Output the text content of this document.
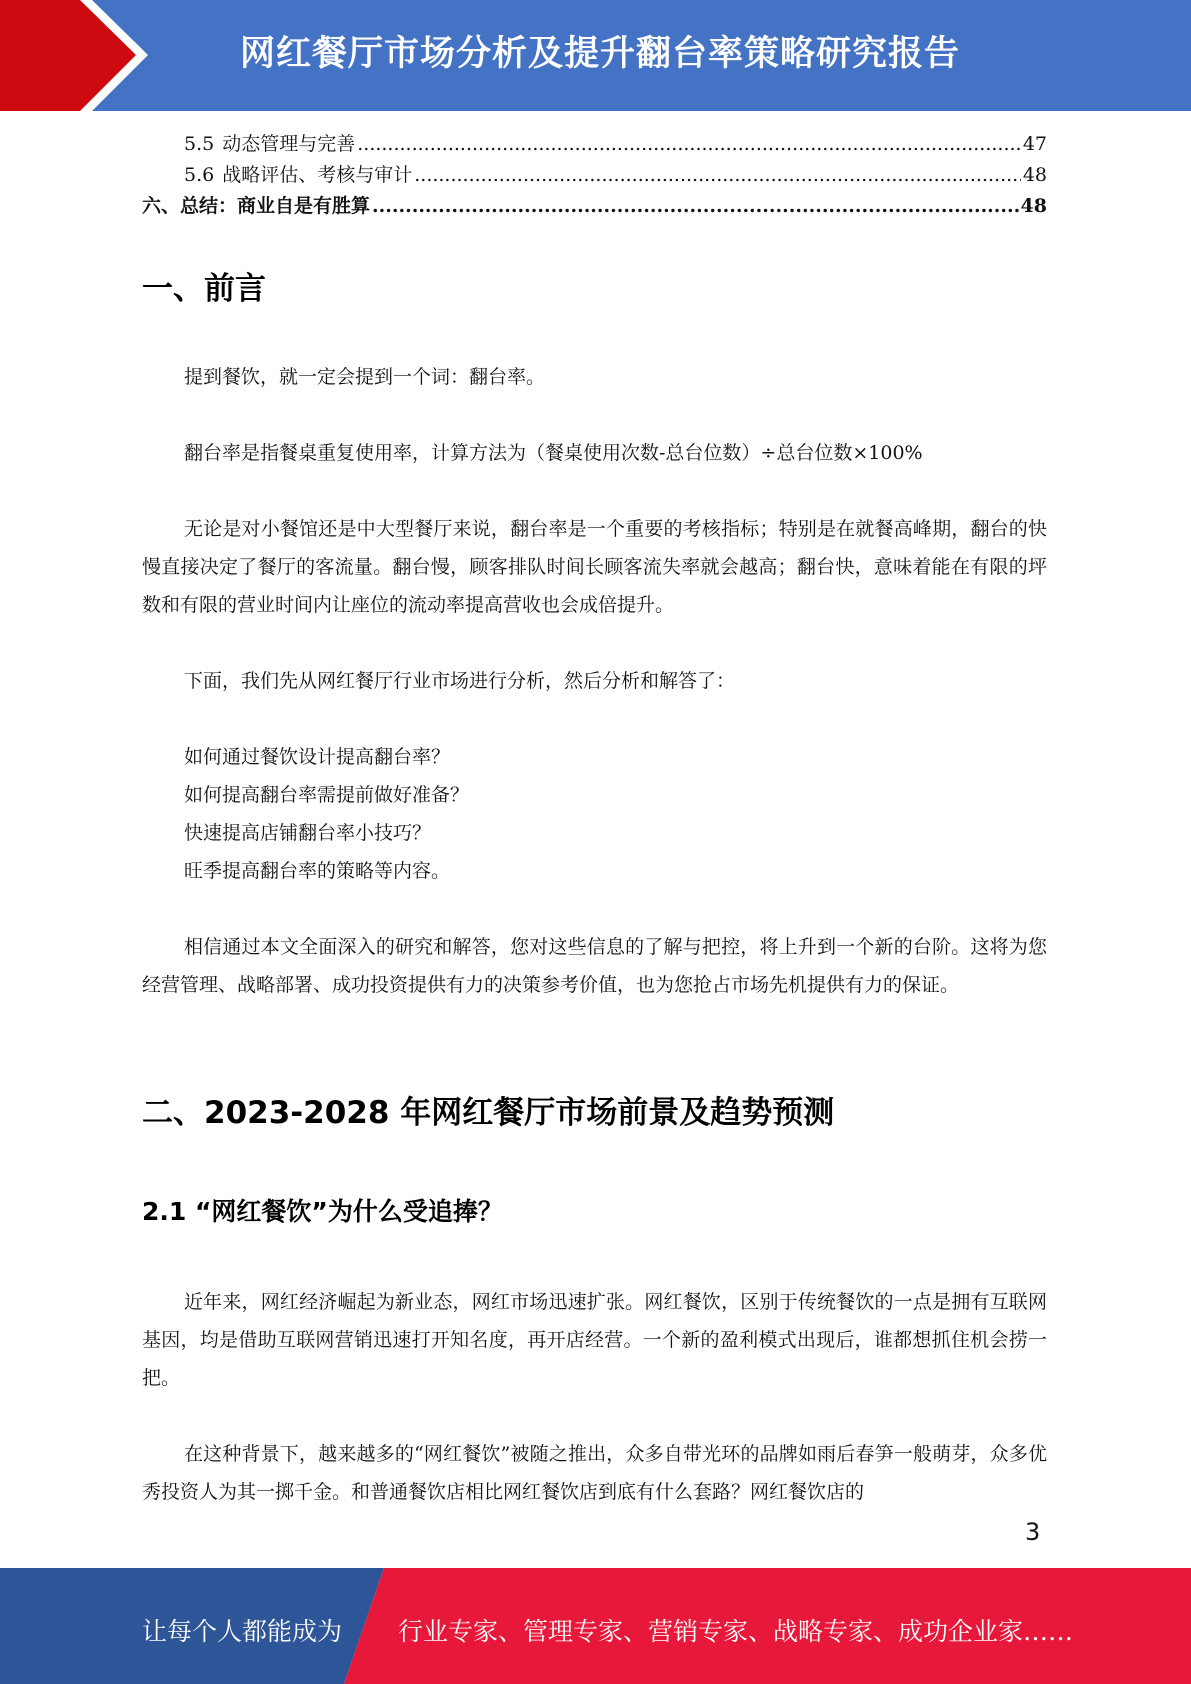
网红餐厅市场分析及提升翻台率策略研究报告
5.5 动态管理与完善 .....	47
5.6 战略评估、考核与审计 .....	48
六、总结：商业自是有胜算 .....	48
一、前言
提到餐饮，就一定会提到一个词：翻台率。
翻台率是指餐桌重复使用率，计算方法为（餐桌使用次数-总台位数）÷总台位数×100%
无论是对小餐馆还是中大型餐厅来说，翻台率是一个重要的考核指标；特别是在就餐高峰期，翻台的快慢直接决定了餐厅的客流量。翻台慢，顾客排队时间长顾客流失率就会越高；翻台快，意味着能在有限的坪数和有限的营业时间内让座位的流动率提高营收也会成倍提升。
下面，我们先从网红餐厅行业市场进行分析，然后分析和解答了：
如何通过餐饮设计提高翻台率？
如何提高翻台率需提前做好准备？
快速提高店铺翻台率小技巧？
旺季提高翻台率的策略等内容。
相信通过本文全面深入的研究和解答，您对这些信息的了解与把控，将上升到一个新的台阶。这将为您经营管理、战略部署、成功投资提供有力的决策参考价值，也为您抢占市场先机提供有力的保证。
二、2023-2028 年网红餐厅市场前景及趋势预测
2.1 “网红餐饮”为什么受追捧？
近年来，网红经济崛起为新业态，网红市场迅速扩张。网红餐饮，区别于传统餐饮的一点是拥有互联网基因，均是借助互联网营销迅速打开知名度，再开店经营。一个新的盈利模式出现后，谁都想抓住机会捞一把。
在这种背景下，越来越多的“网红餐饮”被随之推出，众多自带光环的品牌如雨后春笋一般萌芽，众多优秀投资人为其一掷千金。和普通餐饮店相比网红餐饮店到底有什么套路？网红餐饮店的
3
让每个人都能成为 行业专家、管理专家、营销专家、战略专家、成功企业家……
